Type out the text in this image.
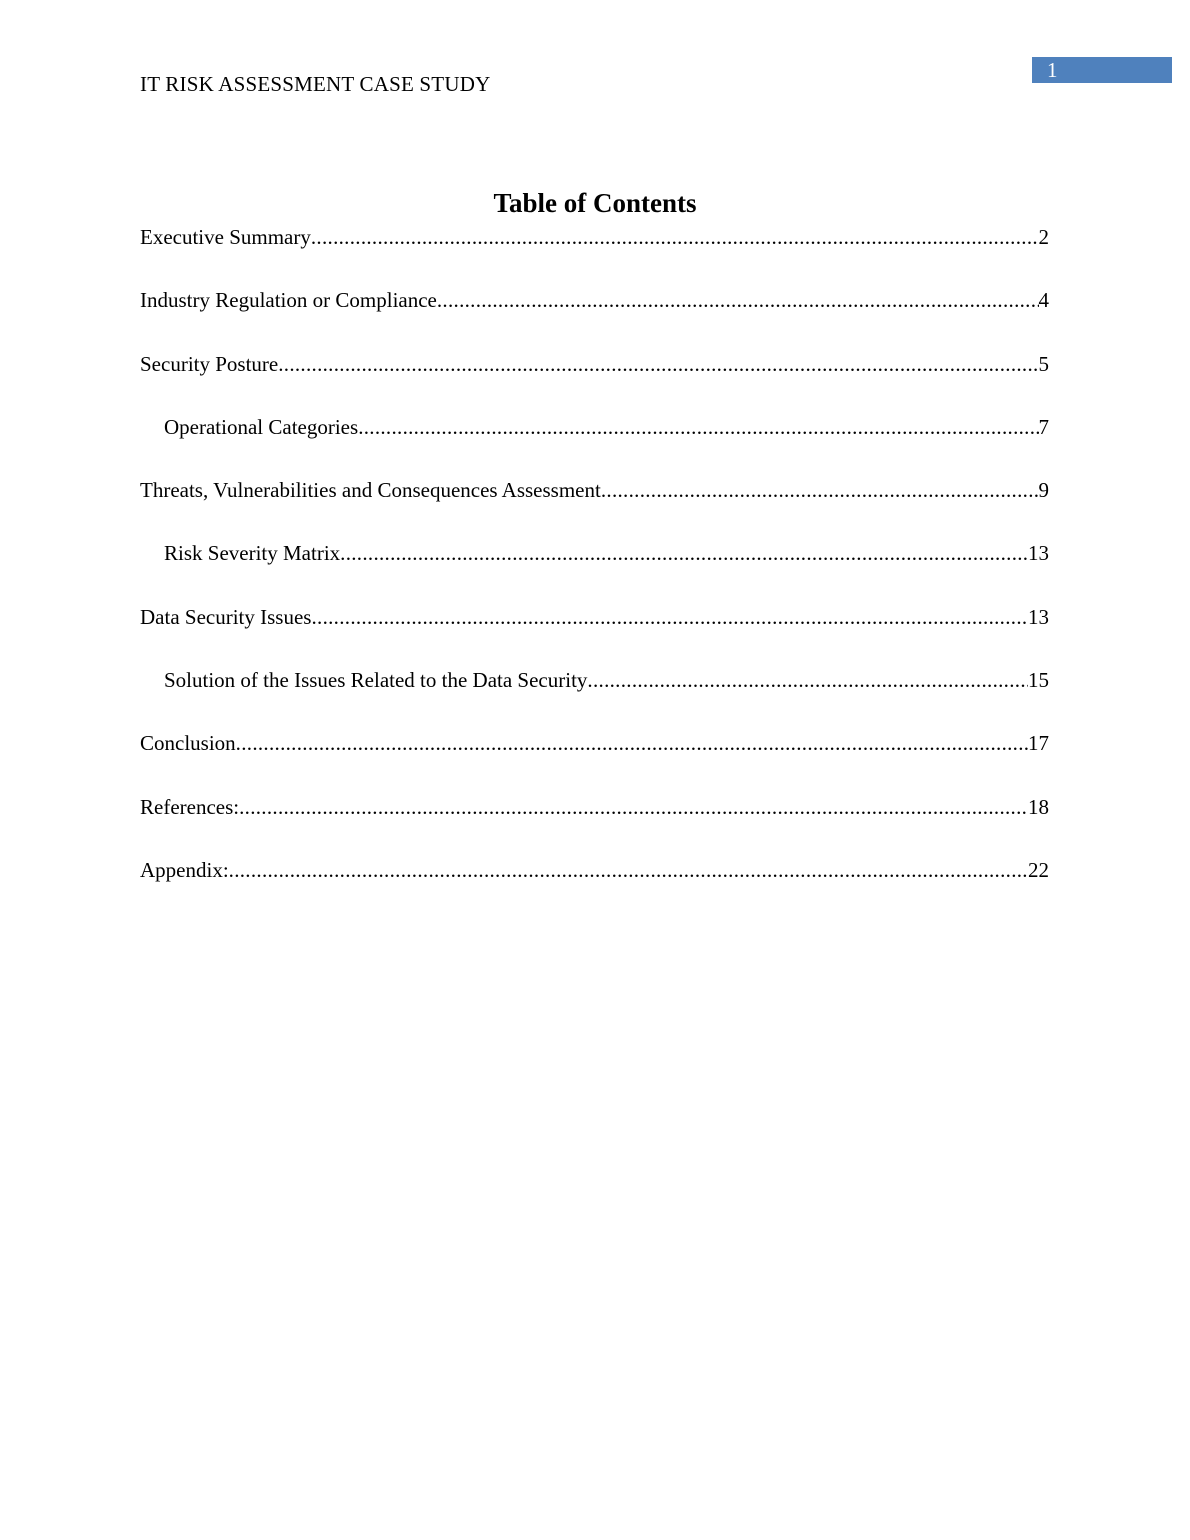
IT RISK ASSESSMENT CASE STUDY
1
Table of Contents
Executive Summary .....	2
Industry Regulation or Compliance .....	4
Security Posture .....	5
Operational Categories .....	7
Threats, Vulnerabilities and Consequences Assessment .....	9
Risk Severity Matrix .....	13
Data Security Issues .....	13
Solution of the Issues Related to the Data Security .....	15
Conclusion .....	17
References: .....	18
Appendix: .....	22
